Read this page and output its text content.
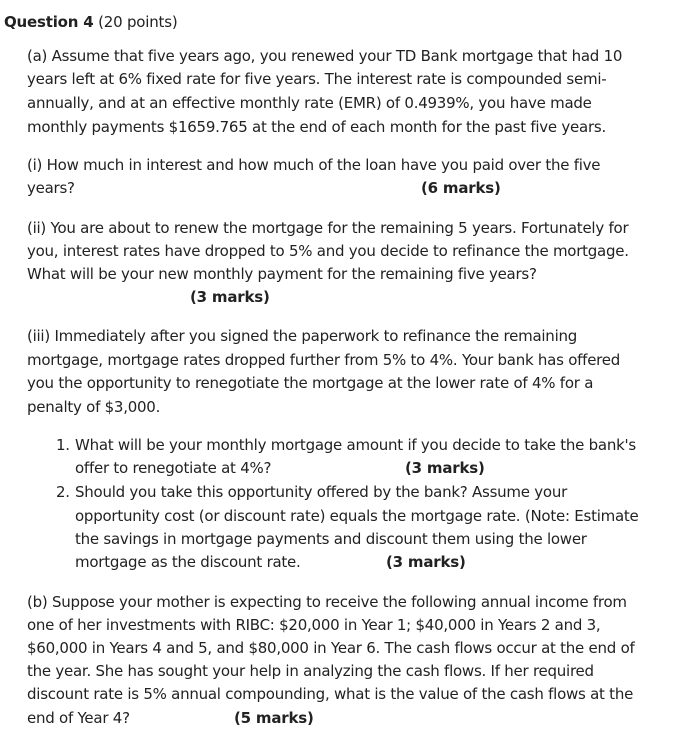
Question 4 (20 points)
(a) Assume that five years ago, you renewed your TD Bank mortgage that had 10
years left at 6% fixed rate for five years. The interest rate is compounded semi-
annually, and at an effective monthly rate (EMR) of 0.4939%, you have made
monthly payments $1659.765 at the end of each month for the past five years.
(i) How much in interest and how much of the loan have you paid over the five
years?	(6 marks)
(ii) You are about to renew the mortgage for the remaining 5 years. Fortunately for
you, interest rates have dropped to 5% and you decide to refinance the mortgage.
What will be your new monthly payment for the remaining five years?
(3 marks)
(iii) Immediately after you signed the paperwork to refinance the remaining
mortgage, mortgage rates dropped further from 5% to 4%. Your bank has offered
you the opportunity to renegotiate the mortgage at the lower rate of 4% for a
penalty of $3,000.
1. What will be your monthly mortgage amount if you decide to take the bank's
offer to renegotiate at 4%?	(3 marks)
2. Should you take this opportunity offered by the bank? Assume your
opportunity cost (or discount rate) equals the mortgage rate. (Note: Estimate
the savings in mortgage payments and discount them using the lower
mortgage as the discount rate.	(3 marks)
(b) Suppose your mother is expecting to receive the following annual income from
one of her investments with RIBC: $20,000 in Year 1; $40,000 in Years 2 and 3,
$60,000 in Years 4 and 5, and $80,000 in Year 6. The cash flows occur at the end of
the year. She has sought your help in analyzing the cash flows. If her required
discount rate is 5% annual compounding, what is the value of the cash flows at the
end of Year 4?	(5 marks)
